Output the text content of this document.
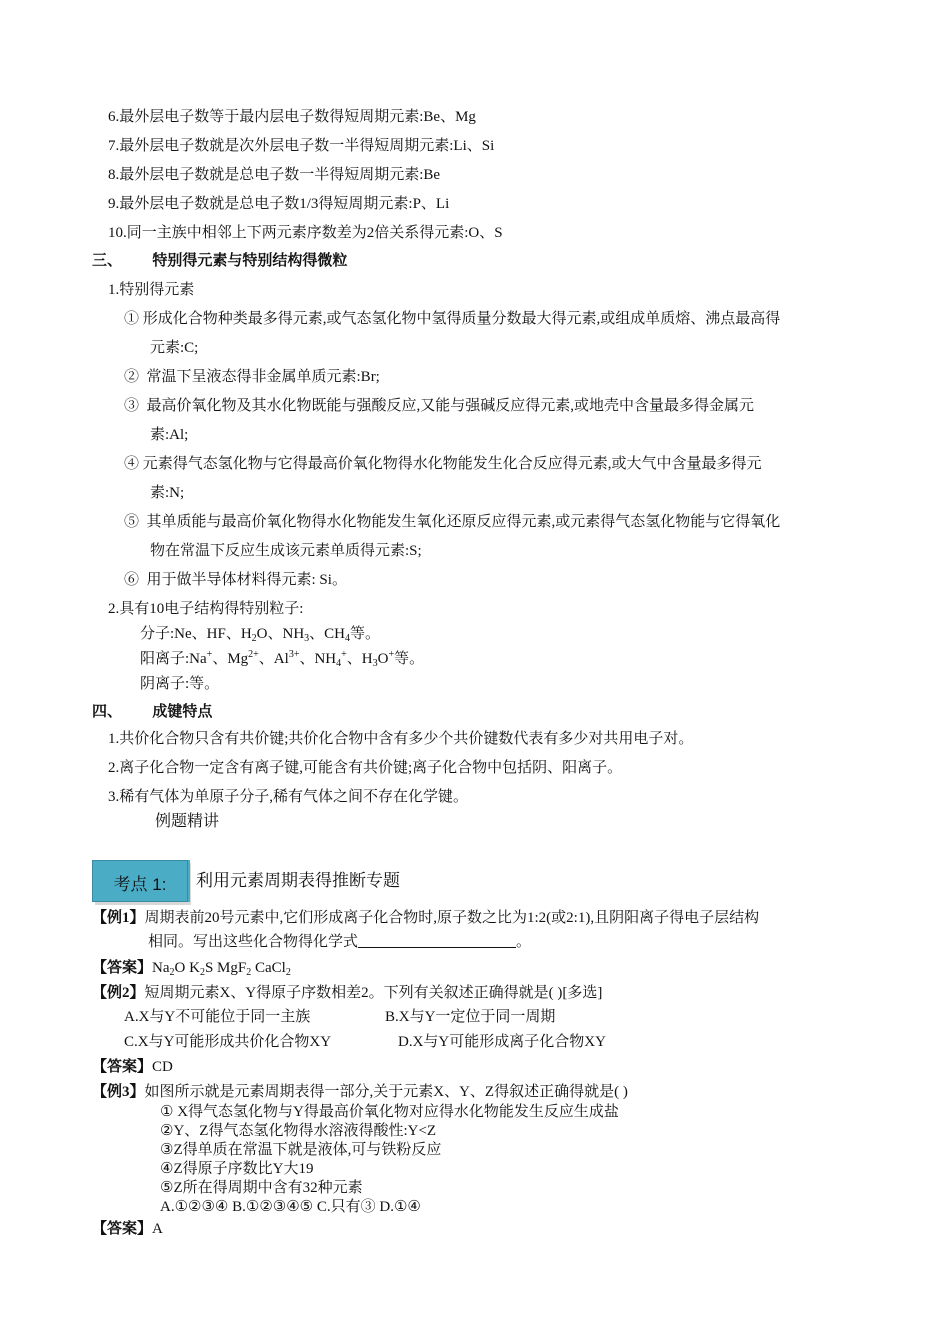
6.最外层电子数等于最内层电子数得短周期元素:Be、Mg
7.最外层电子数就是次外层电子数一半得短周期元素:Li、Si
8.最外层电子数就是总电子数一半得短周期元素:Be
9.最外层电子数就是总电子数1/3得短周期元素:P、Li
10.同一主族中相邻上下两元素序数差为2倍关系得元素:O、S
三、 特别得元素与特别结构得微粒
1.特别得元素
① 形成化合物种类最多得元素,或气态氢化物中氢得质量分数最大得元素,或组成单质熔、沸点最高得
元素:C;
② 常温下呈液态得非金属单质元素:Br;
③ 最高价氧化物及其水化物既能与强酸反应,又能与强碱反应得元素,或地壳中含量最多得金属元
素:Al;
④ 元素得气态氢化物与它得最高价氧化物得水化物能发生化合反应得元素,或大气中含量最多得元
素:N;
⑤ 其单质能与最高价氧化物得水化物能发生氧化还原反应得元素,或元素得气态氢化物能与它得氧化
物在常温下反应生成该元素单质得元素:S;
⑥ 用于做半导体材料得元素: Si。
2.具有10电子结构得特别粒子:
分子:Ne、HF、$H_2O$、$NH_3$、$CH_4$等。
阳离子:Na+、$Mg^{2+}$、$Al^{3+}$、$NH_4^+$、$H_3O^+$等。
阴离子:等。
四、 成键特点
1.共价化合物只含有共价键;共价化合物中含有多少个共价键数代表有多少对共用电子对。
2.离子化合物一定含有离子键,可能含有共价键;离子化合物中包括阴、阳离子。
3.稀有气体为单原子分子,稀有气体之间不存在化学键。
例题精讲
考点 1:	利用元素周期表得推断专题
【例1】周期表前20号元素中,它们形成离子化合物时,原子数之比为1:2(或2:1),且阴阳离子得电子层结构
相同。写出这些化合物得化学式	。
【答案】$Na_2O$ $K_2S$ MgF$_2$ CaCl$_2$
【例2】短周期元素X、Y得原子序数相差2。下列有关叙述正确得就是( )[多选]
A.X与Y不可能位于同一主族	B.X与Y一定位于同一周期
C.X与Y可能形成共价化合物XY	D.X与Y可能形成离子化合物XY
【答案】CD
【例3】如图所示就是元素周期表得一部分,关于元素X、Y、Z得叙述正确得就是( )
① X得气态氢化物与Y得最高价氧化物对应得水化物能发生反应生成盐
②Y、Z得气态氢化物得水溶液得酸性:Y<Z
③Z得单质在常温下就是液体,可与铁粉反应
④Z得原子序数比Y大19
⑤Z所在得周期中含有32种元素
A.①②③④ B.①②③④⑤ C.只有③ D.①④
【答案】A
